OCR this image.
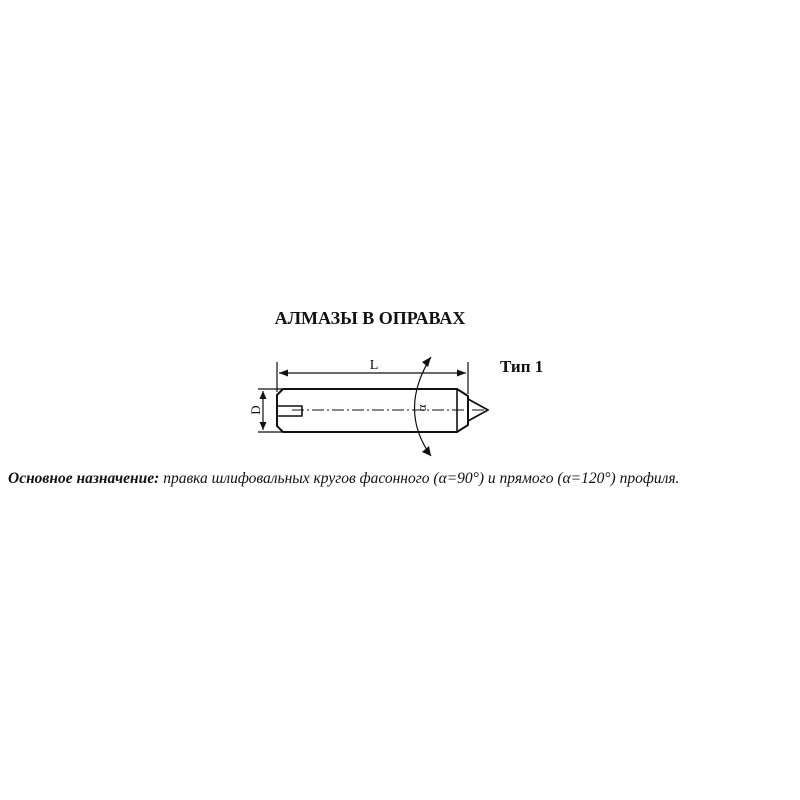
АЛМАЗЫ В ОПРАВАХ
Тип 1
L
D	α
Основное назначение: правка шлифовальных кругов фасонного (α=90°) и прямого (α=120°) профиля.
